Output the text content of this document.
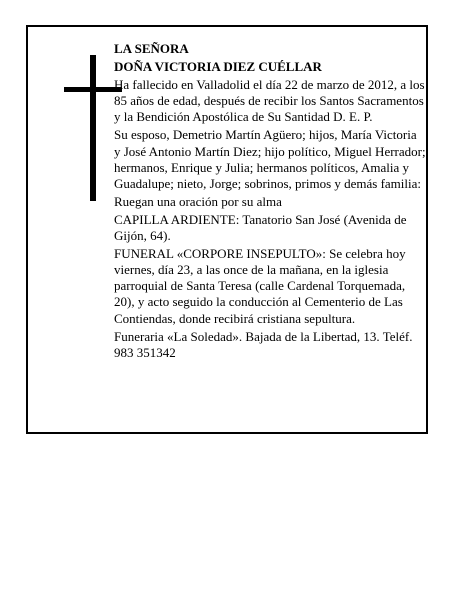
LA SEÑORA

DOÑA VICTORIA DIEZ CUÉLLAR

Ha fallecido en Valladolid el día 22 de marzo de 2012, a los 85 años de edad, después de recibir los Santos Sacramentos y la Bendición Apostólica de Su Santidad D. E. P.

Su esposo, Demetrio Martín Agüero; hijos, María Victoria y José Antonio Martín Diez; hijo político, Miguel Herrador; hermanos, Enrique y Julia; hermanos políticos, Amalia y Guadalupe; nieto, Jorge; sobrinos, primos y demás familia:

Ruegan una oración por su alma

CAPILLA ARDIENTE: Tanatorio San José (Avenida de Gijón, 64).

FUNERAL «CORPORE INSEPULTO»: Se celebra hoy viernes, día 23, a las once de la mañana, en la iglesia parroquial de Santa Teresa (calle Cardenal Torquemada, 20), y acto seguido la conducción al Cementerio de Las Contiendas, donde recibirá cristiana sepultura.

Funeraria «La Soledad». Bajada de la Libertad, 13. Teléf. 983 351342
